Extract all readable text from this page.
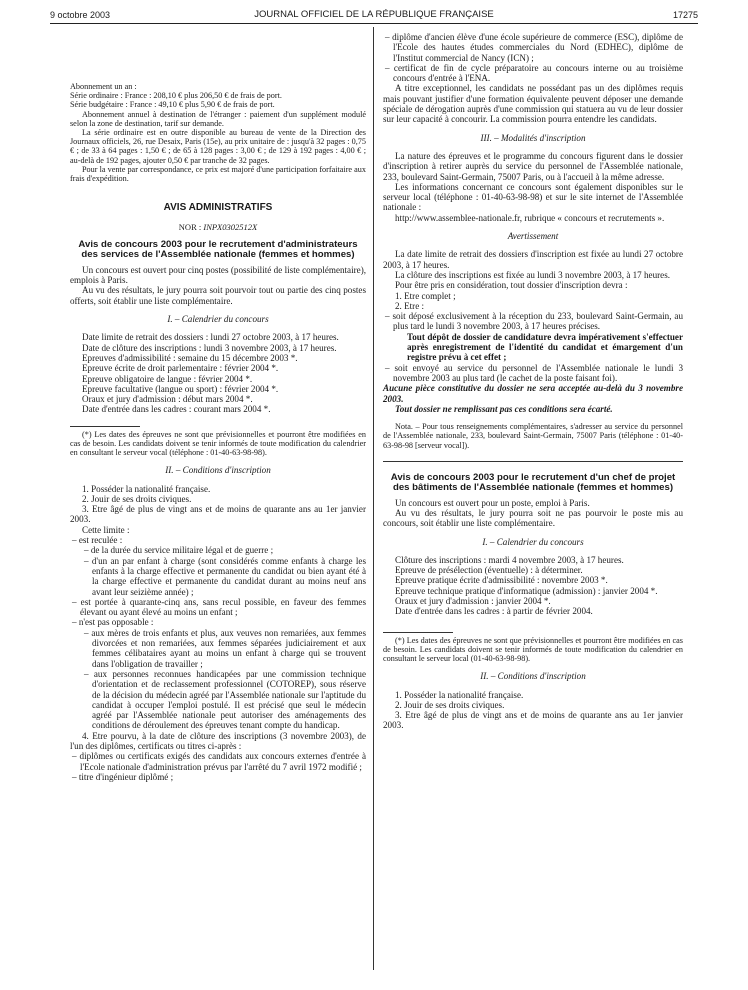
9 octobre 2003	JOURNAL OFFICIEL DE LA RÉPUBLIQUE FRANÇAISE	17275

Abonnement un an :

Série ordinaire : France : 208,10 € plus 206,50 € de frais de port.

Série budgétaire : France : 49,10 € plus 5,90 € de frais de port.

Abonnement annuel à destination de l'étranger : paiement d'un supplément modulé selon la zone de destination, tarif sur demande.

La série ordinaire est en outre disponible au bureau de vente de la Direction des Journaux officiels, 26, rue Desaix, Paris (15e), au prix unitaire de : jusqu'à 32 pages : 0,75 € ; de 33 à 64 pages : 1,50 € ; de 65 à 128 pages : 3,00 € ; de 129 à 192 pages : 4,00 € ; au-delà de 192 pages, ajouter 0,50 € par tranche de 32 pages.

Pour la vente par correspondance, ce prix est majoré d'une participation forfaitaire aux frais d'expédition.

AVIS ADMINISTRATIFS
NOR : INPX0302512X
Avis de concours 2003 pour le recrutement d'administrateurs des services de l'Assemblée nationale (femmes et hommes)

Un concours est ouvert pour cinq postes (possibilité de liste complémentaire), emplois à Paris.

Au vu des résultats, le jury pourra soit pourvoir tout ou partie des cinq postes offerts, soit établir une liste complémentaire.

I. – Calendrier du concours

Date limite de retrait des dossiers : lundi 27 octobre 2003, à 17 heures.

Date de clôture des inscriptions : lundi 3 novembre 2003, à 17 heures.

Epreuves d'admissibilité : semaine du 15 décembre 2003 *.

Epreuve écrite de droit parlementaire : février 2004 *.

Epreuve obligatoire de langue : février 2004 *.

Epreuve facultative (langue ou sport) : février 2004 *.

Oraux et jury d'admission : début mars 2004 *.

Date d'entrée dans les cadres : courant mars 2004 *.

(*) Les dates des épreuves ne sont que prévisionnelles et pourront être modifiées en cas de besoin. Les candidats doivent se tenir informés de toute modification du calendrier en consultant le serveur vocal (téléphone : 01-40-63-98-98).

II. – Conditions d'inscription

1. Posséder la nationalité française.

2. Jouir de ses droits civiques.

3. Etre âgé de plus de vingt ans et de moins de quarante ans au 1er janvier 2003.

Cette limite :

– est reculée :

– de la durée du service militaire légal et de guerre ;

– d'un an par enfant à charge (sont considérés comme enfants à charge les enfants à la charge effective et permanente du candidat ou bien ayant été à la charge effective et permanente du candidat durant au moins neuf ans avant leur seizième année) ;

– est portée à quarante-cinq ans, sans recul possible, en faveur des femmes élevant ou ayant élevé au moins un enfant ;

– n'est pas opposable :

– aux mères de trois enfants et plus, aux veuves non remariées, aux femmes divorcées et non remariées, aux femmes séparées judiciairement et aux femmes célibataires ayant au moins un enfant à charge qui se trouvent dans l'obligation de travailler ;

– aux personnes reconnues handicapées par une commission technique d'orientation et de reclassement professionnel (COTOREP), sous réserve de la décision du médecin agréé par l'Assemblée nationale sur l'aptitude du candidat à occuper l'emploi postulé. Il est précisé que seul le médecin agréé par l'Assemblée nationale peut autoriser des aménagements des conditions de déroulement des épreuves tenant compte du handicap.

4. Etre pourvu, à la date de clôture des inscriptions (3 novembre 2003), de l'un des diplômes, certificats ou titres ci-après :

– diplômes ou certificats exigés des candidats aux concours externes d'entrée à l'Ecole nationale d'administration prévus par l'arrêté du 7 avril 1972 modifié ;

– titre d'ingénieur diplômé ;

– diplôme d'ancien élève d'une école supérieure de commerce (ESC), diplôme de l'Ecole des hautes études commerciales du Nord (EDHEC), diplôme de l'Institut commercial de Nancy (ICN) ;

– certificat de fin de cycle préparatoire au concours interne ou au troisième concours d'entrée à l'ENA.

A titre exceptionnel, les candidats ne possédant pas un des diplômes requis mais pouvant justifier d'une formation équivalente peuvent déposer une demande spéciale de dérogation auprès d'une commission qui statuera au vu de leur dossier sur leur capacité à concourir. La commission pourra entendre les candidats.

III. – Modalités d'inscription

La nature des épreuves et le programme du concours figurent dans le dossier d'inscription à retirer auprès du service du personnel de l'Assemblée nationale, 233, boulevard Saint-Germain, 75007 Paris, ou à l'accueil à la même adresse.

Les informations concernant ce concours sont également disponibles sur le serveur local (téléphone : 01-40-63-98-98) et sur le site internet de l'Assemblée nationale :

http://www.assemblee-nationale.fr, rubrique « concours et recrutements ».

Avertissement

La date limite de retrait des dossiers d'inscription est fixée au lundi 27 octobre 2003, à 17 heures.

La clôture des inscriptions est fixée au lundi 3 novembre 2003, à 17 heures.

Pour être pris en considération, tout dossier d'inscription devra :

1. Etre complet ;

2. Etre :

– soit déposé exclusivement à la réception du 233, boulevard Saint-Germain, au plus tard le lundi 3 novembre 2003, à 17 heures précises.

Tout dépôt de dossier de candidature devra impérativement s'effectuer après enregistrement de l'identité du candidat et émargement d'un registre prévu à cet effet ;

– soit envoyé au service du personnel de l'Assemblée nationale le lundi 3 novembre 2003 au plus tard (le cachet de la poste faisant foi).

Aucune pièce constitutive du dossier ne sera acceptée au-delà du 3 novembre 2003.

Tout dossier ne remplissant pas ces conditions sera écarté.

Nota. – Pour tous renseignements complémentaires, s'adresser au service du personnel de l'Assemblée nationale, 233, boulevard Saint-Germain, 75007 Paris (téléphone : 01-40-63-98-98 [serveur vocal]).

Avis de concours 2003 pour le recrutement d'un chef de projet des bâtiments de l'Assemblée nationale (femmes et hommes)

Un concours est ouvert pour un poste, emploi à Paris.

Au vu des résultats, le jury pourra soit ne pas pourvoir le poste mis au concours, soit établir une liste complémentaire.

I. – Calendrier du concours

Clôture des inscriptions : mardi 4 novembre 2003, à 17 heures.

Epreuve de présélection (éventuelle) : à déterminer.

Epreuve pratique écrite d'admissibilité : novembre 2003 *.

Epreuve technique pratique d'informatique (admission) : janvier 2004 *.

Oraux et jury d'admission : janvier 2004 *.

Date d'entrée dans les cadres : à partir de février 2004.

(*) Les dates des épreuves ne sont que prévisionnelles et pourront être modifiées en cas de besoin. Les candidats doivent se tenir informés de toute modification du calendrier en consultant le serveur local (01-40-63-98-98).

II. – Conditions d'inscription

1. Posséder la nationalité française.

2. Jouir de ses droits civiques.

3. Etre âgé de plus de vingt ans et de moins de quarante ans au 1er janvier 2003.
